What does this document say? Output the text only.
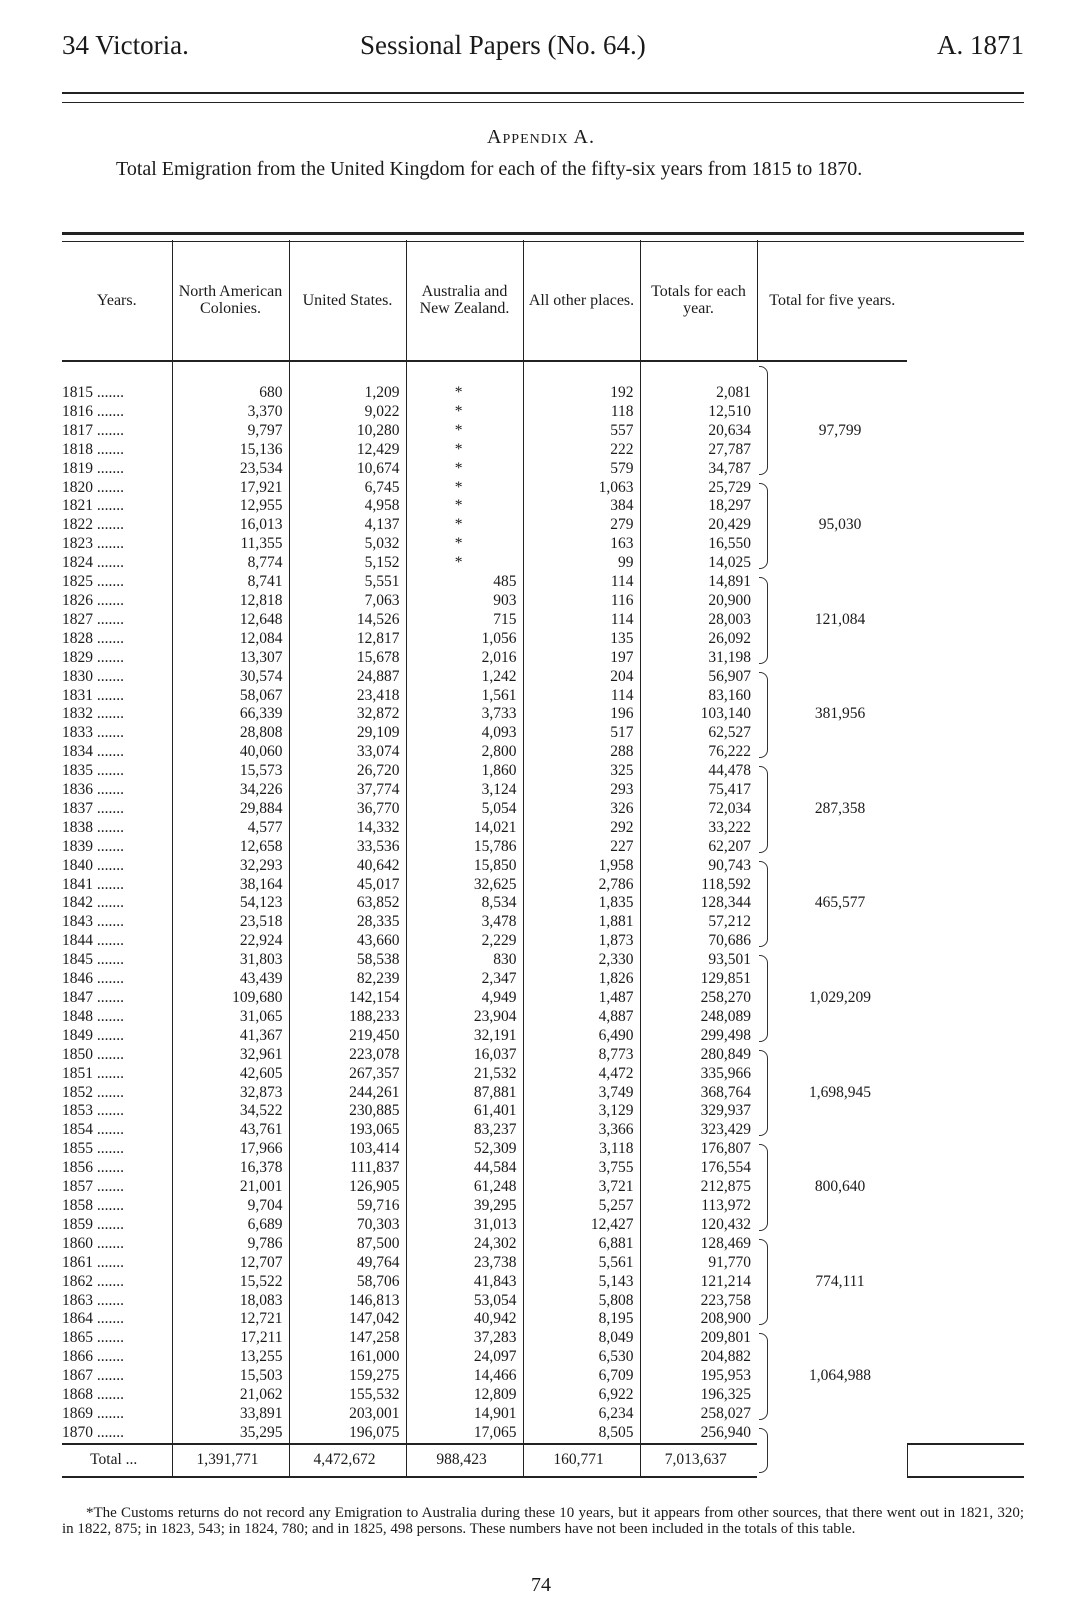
34 Victoria.	Sessional Papers (No. 64.)	A. 1871
Appendix A.
Total Emigration from the United Kingdom for each of the fifty-six years from 1815 to 1870.
Years.	North American Colonies.	United States.	Australia and New Zealand.	All other places.	Totals for each year.	Total for five years.	
1815 .......	680	1,209	*	192	2,081	97,799	
1816 .......	3,370	9,022	*	118	12,510		
1817 .......	9,797	10,280	*	557	20,634		
1818 .......	15,136	12,429	*	222	27,787		
1819 .......	23,534	10,674	*	579	34,787		
1820 .......	17,921	6,745	*	1,063	25,729	95,030	
1821 .......	12,955	4,958	*	384	18,297		
1822 .......	16,013	4,137	*	279	20,429		
1823 .......	11,355	5,032	*	163	16,550		
1824 .......	8,774	5,152	*	99	14,025		
1825 .......	8,741	5,551	485	114	14,891	121,084	
1826 .......	12,818	7,063	903	116	20,900		
1827 .......	12,648	14,526	715	114	28,003		
1828 .......	12,084	12,817	1,056	135	26,092		
1829 .......	13,307	15,678	2,016	197	31,198		
1830 .......	30,574	24,887	1,242	204	56,907	381,956	
1831 .......	58,067	23,418	1,561	114	83,160		
1832 .......	66,339	32,872	3,733	196	103,140		
1833 .......	28,808	29,109	4,093	517	62,527		
1834 .......	40,060	33,074	2,800	288	76,222		
1835 .......	15,573	26,720	1,860	325	44,478	287,358	
1836 .......	34,226	37,774	3,124	293	75,417		
1837 .......	29,884	36,770	5,054	326	72,034		
1838 .......	4,577	14,332	14,021	292	33,222		
1839 .......	12,658	33,536	15,786	227	62,207		
1840 .......	32,293	40,642	15,850	1,958	90,743	465,577	
1841 .......	38,164	45,017	32,625	2,786	118,592		
1842 .......	54,123	63,852	8,534	1,835	128,344		
1843 .......	23,518	28,335	3,478	1,881	57,212		
1844 .......	22,924	43,660	2,229	1,873	70,686		
1845 .......	31,803	58,538	830	2,330	93,501	1,029,209	
1846 .......	43,439	82,239	2,347	1,826	129,851		
1847 .......	109,680	142,154	4,949	1,487	258,270		
1848 .......	31,065	188,233	23,904	4,887	248,089		
1849 .......	41,367	219,450	32,191	6,490	299,498		
1850 .......	32,961	223,078	16,037	8,773	280,849	1,698,945	
1851 .......	42,605	267,357	21,532	4,472	335,966		
1852 .......	32,873	244,261	87,881	3,749	368,764		
1853 .......	34,522	230,885	61,401	3,129	329,937		
1854 .......	43,761	193,065	83,237	3,366	323,429		
1855 .......	17,966	103,414	52,309	3,118	176,807	800,640	
1856 .......	16,378	111,837	44,584	3,755	176,554		
1857 .......	21,001	126,905	61,248	3,721	212,875		
1858 .......	9,704	59,716	39,295	5,257	113,972		
1859 .......	6,689	70,303	31,013	12,427	120,432		
1860 .......	9,786	87,500	24,302	6,881	128,469	774,111	
1861 .......	12,707	49,764	23,738	5,561	91,770		
1862 .......	15,522	58,706	41,843	5,143	121,214		
1863 .......	18,083	146,813	53,054	5,808	223,758		
1864 .......	12,721	147,042	40,942	8,195	208,900		
1865 .......	17,211	147,258	37,283	8,049	209,801	1,064,988	
1866 .......	13,255	161,000	24,097	6,530	204,882		
1867 .......	15,503	159,275	14,466	6,709	195,953		
1868 .......	21,062	155,532	12,809	6,922	196,325		
1869 .......	33,891	203,001	14,901	6,234	258,027		
1870 .......	35,295	196,075	17,065	8,505	256,940		

Total ...	1,391,771	4,472,672	988,423	160,771	7,013,637		
*The Customs returns do not record any Emigration to Australia during these 10 years, but it appears from other sources, that there went out in 1821, 320; in 1822, 875; in 1823, 543; in 1824, 780; and in 1825, 498 persons. These numbers have not been included in the totals of this table.
74
